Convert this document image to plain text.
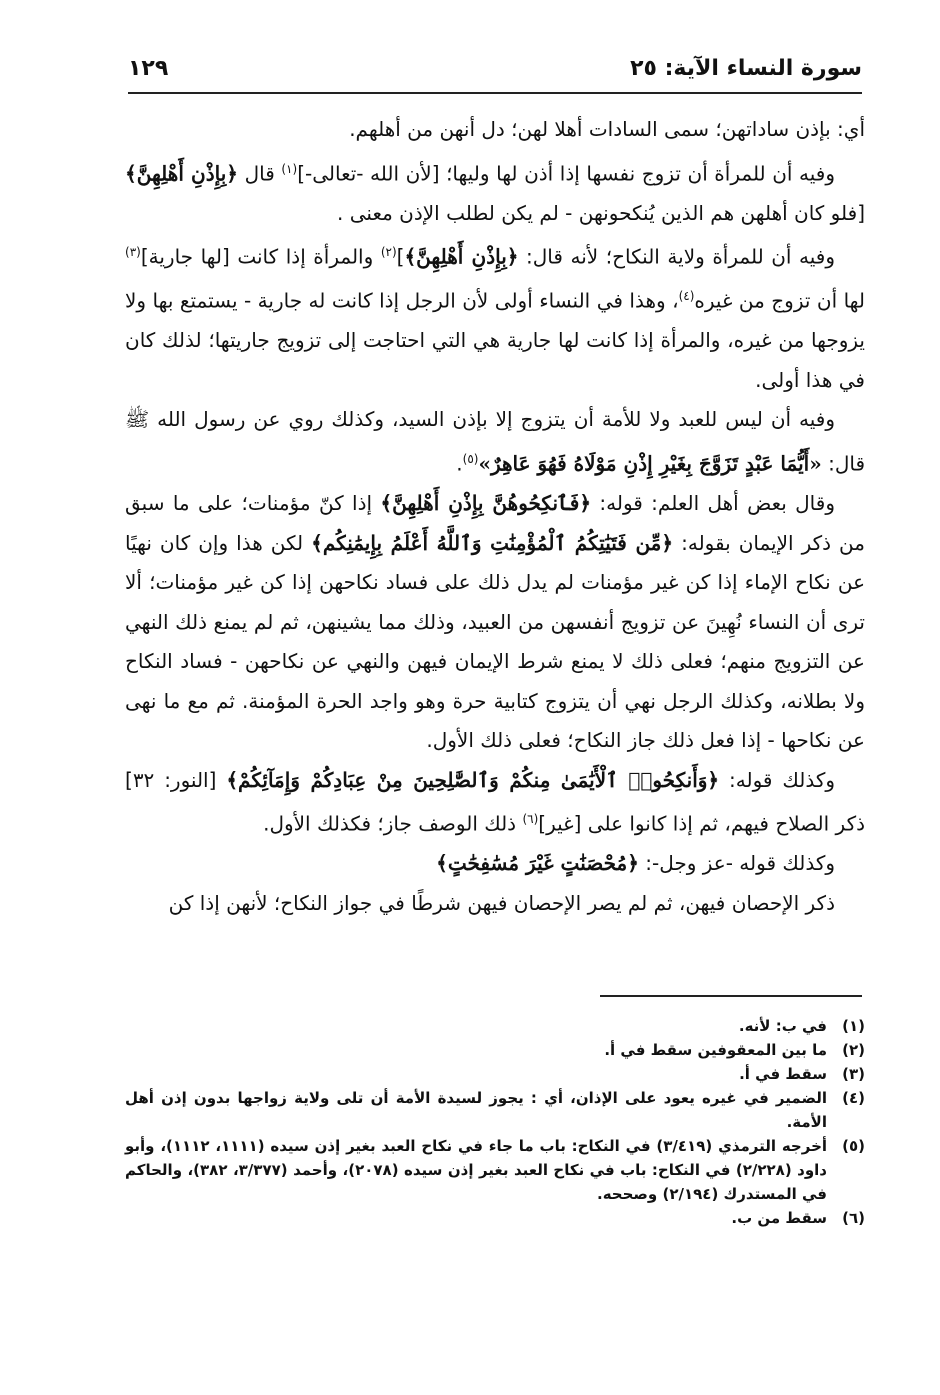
سورة النساء الآية: ٢٥
١٢٩

أي: بإذن ساداتهن؛ سمى السادات أهلا لهن؛ دل أنهن من أهلهم.

وفيه أن للمرأة أن تزوج نفسها إذا أذن لها وليها؛ [لأن الله -تعالى-]$^{(١)}$ قال ﴿بِإِذْنِ أَهْلِهِنَّ﴾ [فلو كان أهلهن هم الذين يُنكحونهن - لم يكن لطلب الإذن معنى .

وفيه أن للمرأة ولاية النكاح؛ لأنه قال: ﴿بِإِذْنِ أَهْلِهِنَّ﴾]$^{(٢)}$ والمرأة إذا كانت [لها جارية]$^{(٣)}$ لها أن تزوج من غيره$^{(٤)}$، وهذا في النساء أولى لأن الرجل إذا كانت له جارية - يستمتع بها ولا يزوجها من غيره، والمرأة إذا كانت لها جارية هي التي احتاجت إلى تزويج جاريتها؛ لذلك كان في هذا أولى.

وفيه أن ليس للعبد ولا للأمة أن يتزوج إلا بإذن السيد، وكذلك روي عن رسول الله ﷺ قال: «أَيُّمَا عَبْدٍ تَزَوَّجَ بِغَيْرِ إِذْنِ مَوْلَاهُ فَهُوَ عَاهِرٌ»$^{(٥)}$.

وقال بعض أهل العلم: قوله: ﴿فَٱنكِحُوهُنَّ بِإِذْنِ أَهْلِهِنَّ﴾ إذا كنّ مؤمنات؛ على ما سبق من ذكر الإيمان بقوله: ﴿مِّن فَتَيَٰتِكُمُ ٱلْمُؤْمِنَٰتِ وَٱللَّهُ أَعْلَمُ بِإِيمَٰنِكُم﴾ لكن هذا وإن كان نهيًا عن نكاح الإماء إذا كن غير مؤمنات لم يدل ذلك على فساد نكاحهن إذا كن غير مؤمنات؛ ألا ترى أن النساء نُهِينَ عن تزويج أنفسهن من العبيد، وذلك مما يشينهن، ثم لم يمنع ذلك النهي عن التزويج منهم؛ فعلى ذلك لا يمنع شرط الإيمان فيهن والنهي عن نكاحهن - فساد النكاح ولا بطلانه، وكذلك الرجل نهي أن يتزوج كتابية حرة وهو واجد الحرة المؤمنة. ثم مع ما نهى عن نكاحها - إذا فعل ذلك جاز النكاح؛ فعلى ذلك الأول.

وكذلك قوله: ﴿وَأَنكِحُوا۟ ٱلْأَيَٰمَىٰ مِنكُمْ وَٱلصَّٰلِحِينَ مِنْ عِبَادِكُمْ وَإِمَآئِكُمْ﴾ [النور: ٣٢] ذكر الصلاح فيهم، ثم إذا كانوا على [غير]$^{(٦)}$ ذلك الوصف جاز؛ فكذلك الأول.

وكذلك قوله -عز وجل-: ﴿مُحْصَنَٰتٍ غَيْرَ مُسَٰفِحَٰتٍ﴾

ذكر الإحصان فيهن، ثم لم يصر الإحصان فيهن شرطًا في جواز النكاح؛ لأنهن إذا كن

(١)
في ب: لأنه.
(٢)
ما بين المعقوفين سقط في أ.
(٣)
سقط في أ.
(٤)
الضمير في غيره يعود على الإذان، أي : يجوز لسيدة الأمة أن تلى ولاية زواجها بدون إذن أهل الأمة.
(٥)
أخرجه الترمذي (٣/٤١٩) في النكاح: باب ما جاء في نكاح العبد بغير إذن سيده (١١١١، ١١١٢)، وأبو داود (٢/٢٢٨) في النكاح: باب في نكاح العبد بغير إذن سيده (٢٠٧٨)، وأحمد (٣/٣٧٧، ٣٨٢)، والحاكم في المستدرك (٢/١٩٤) وصححه.
(٦)
سقط من ب.
